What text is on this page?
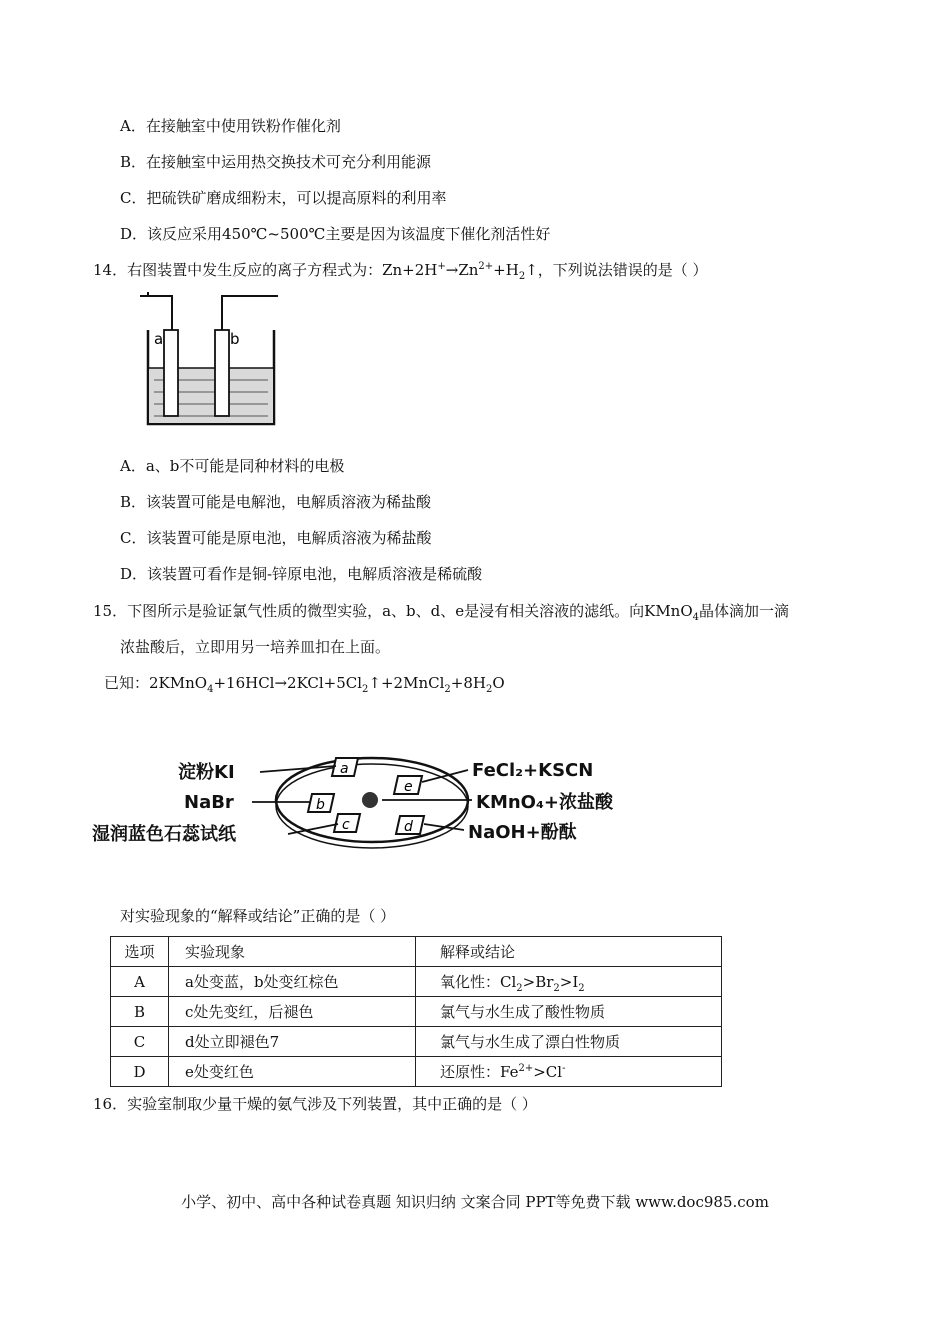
A．在接触室中使用铁粉作催化剂
B．在接触室中运用热交换技术可充分利用能源
C．把硫铁矿磨成细粉末，可以提高原料的利用率
D．该反应采用450℃~500℃主要是因为该温度下催化剂活性好
14．右图装置中发生反应的离子方程式为：$Zn+2H^+\to Zn^{2+}+H_2↑$，下列说法错误的是（ ）
a	b
A．a、b不可能是同种材料的电极
B．该装置可能是电解池，电解质溶液为稀盐酸
C．该装置可能是原电池，电解质溶液为稀盐酸
D．该装置可看作是铜-锌原电池，电解质溶液是稀硫酸
15．下图所示是验证氯气性质的微型实验，a、b、d、e是浸有相关溶液的滤纸。向KMnO$_4$晶体滴加一滴
浓盐酸后，立即用另一培养皿扣在上面。
已知：$2KMnO_4+16HCl\to 2KCl+5Cl_2↑+2MnCl_2+8H_2O$
a
b
c
e
d
淀粉KI
NaBr
湿润蓝色石蕊试纸
FeCl₂+KSCN
KMnO₄+浓盐酸
NaOH+酚酞
对实验现象的“解释或结论”正确的是（ ）
选项	实验现象	解释或结论
A	a处变蓝，b处变红棕色	氧化性：$Cl_2>Br_2>I_2$
B	c处先变红，后褪色	氯气与水生成了酸性物质
C	d处立即褪色7	氯气与水生成了漂白性物质
D	e处变红色	还原性：$Fe^{2+}>Cl^-$
16．实验室制取少量干燥的氨气涉及下列装置，其中正确的是（ ）
小学、初中、高中各种试卷真题 知识归纳 文案合同 PPT等免费下载 www.doc985.com
